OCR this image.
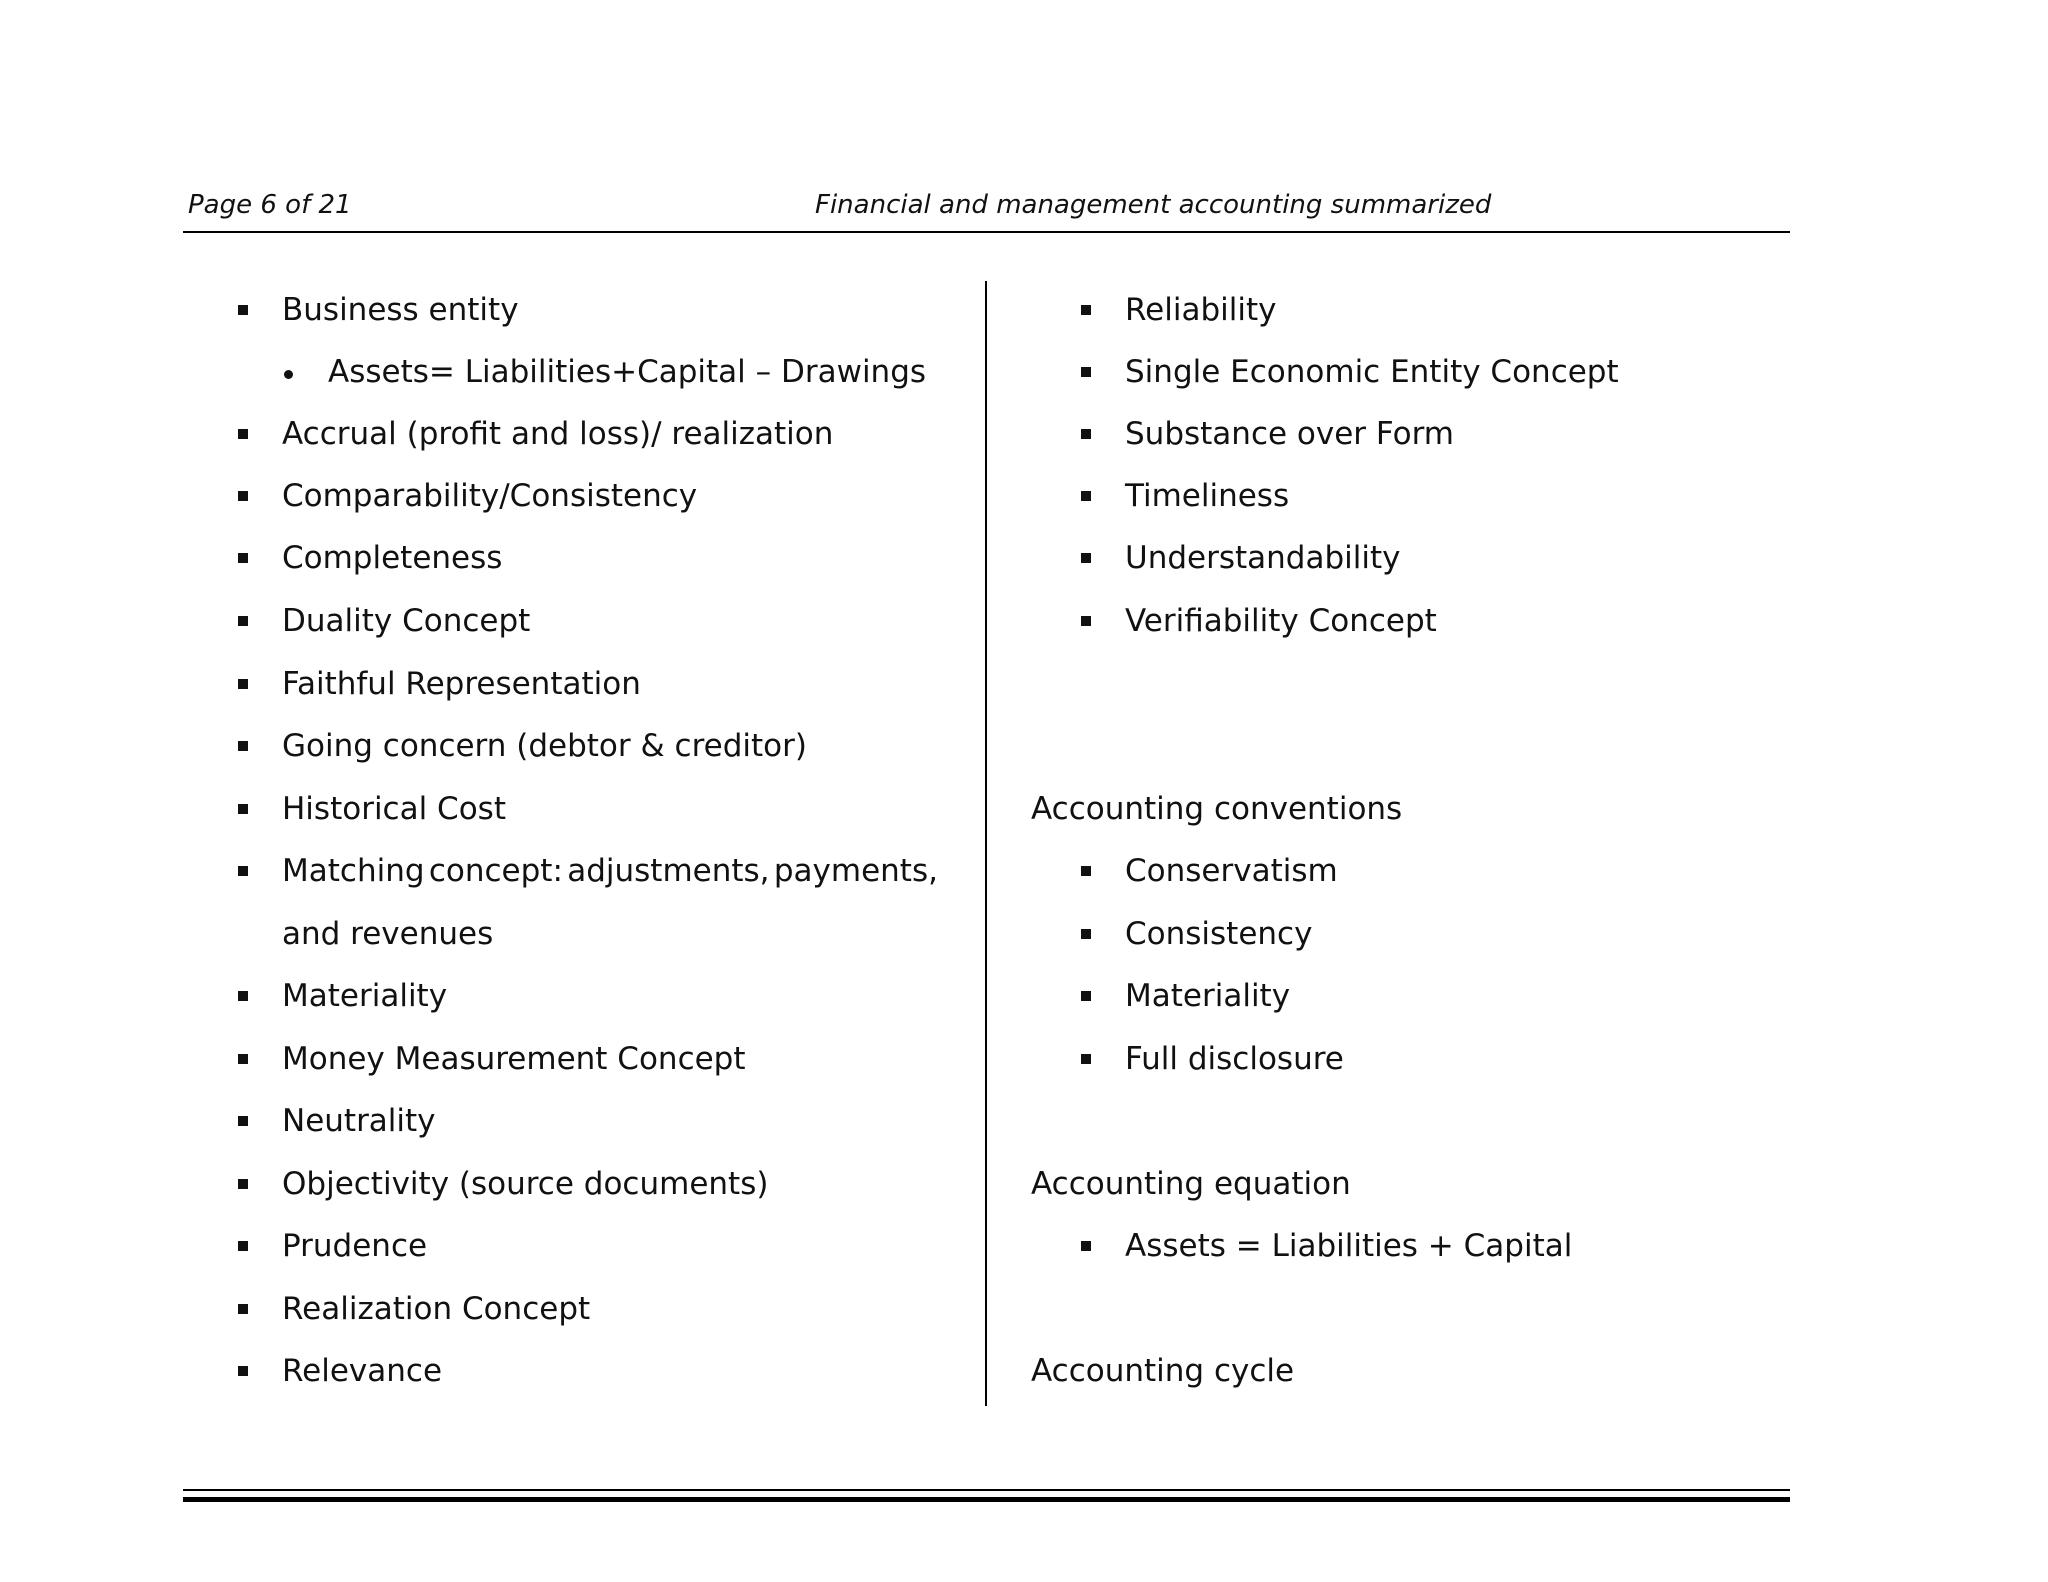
Page 6 of 21	Financial and management accounting summarized
Business entity
Assets= Liabilities+Capital – Drawings
Accrual (profit and loss)/ realization
Comparability/Consistency
Completeness
Duality Concept
Faithful Representation
Going concern (debtor & creditor)
Historical Cost
Matching concept: adjustments, payments,
and revenues
Materiality
Money Measurement Concept
Neutrality
Objectivity (source documents)
Prudence
Realization Concept
Relevance
Reliability
Single Economic Entity Concept
Substance over Form
Timeliness
Understandability
Verifiability Concept
Accounting conventions
Conservatism
Consistency
Materiality
Full disclosure
Accounting equation
Assets = Liabilities + Capital
Accounting cycle
